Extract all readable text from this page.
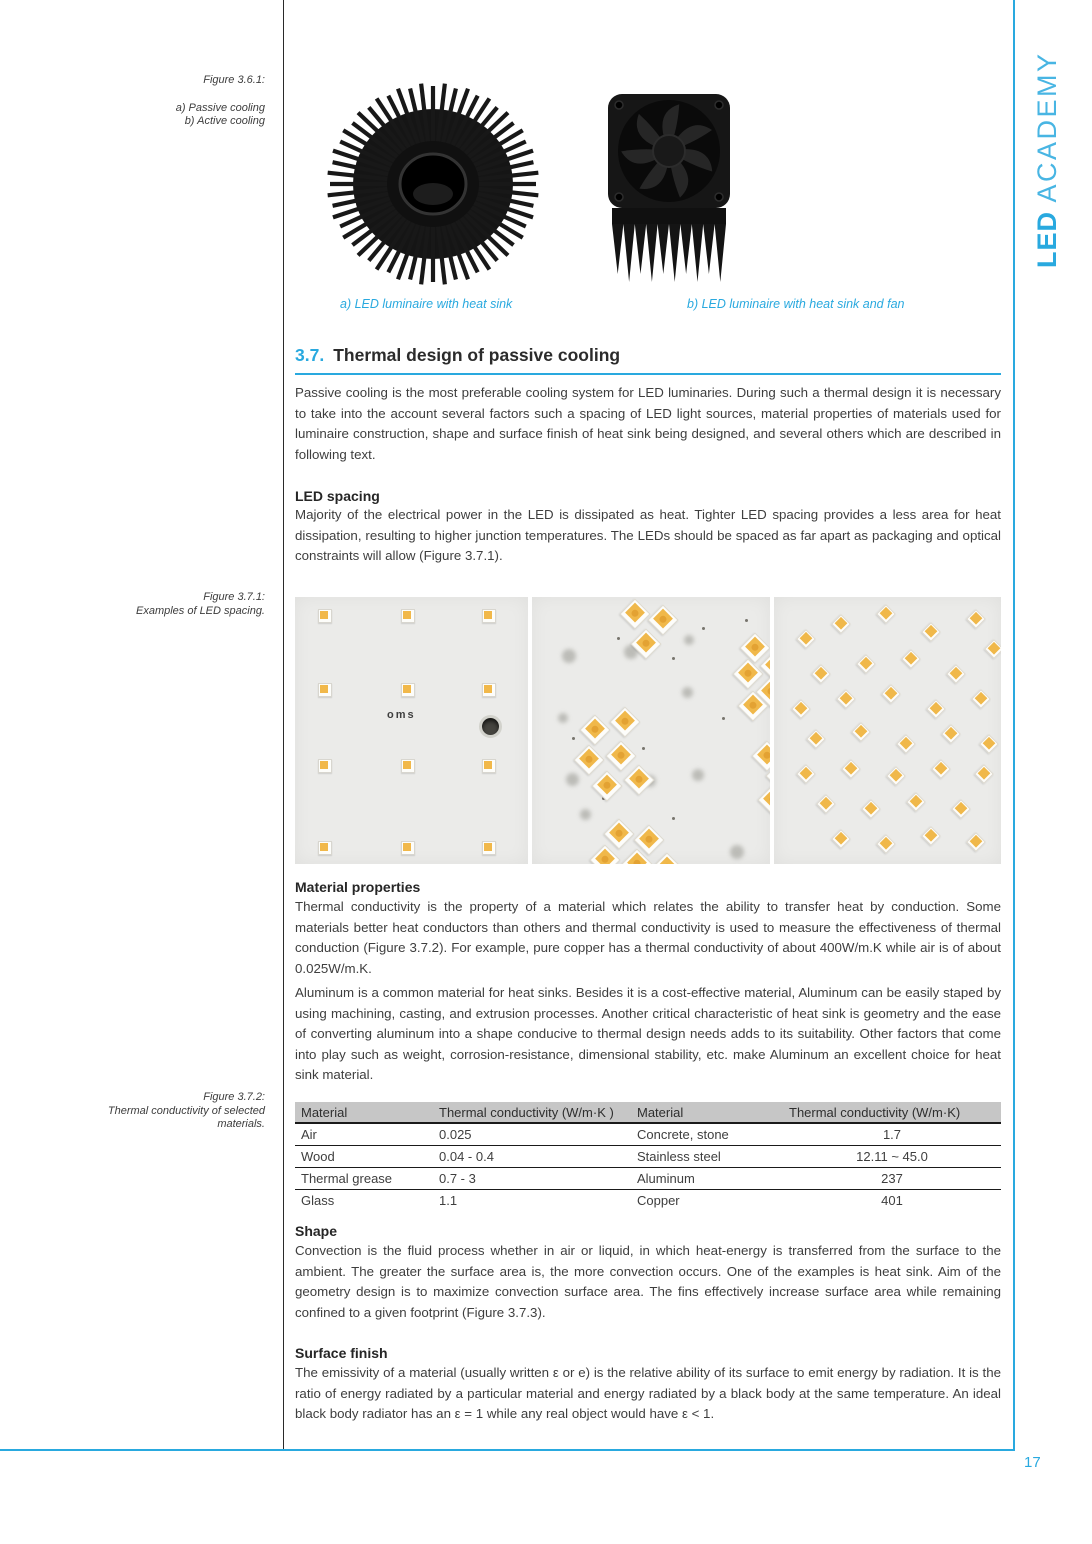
LED ACADEMY
17
Figure 3.6.1:
a) Passive cooling
b) Active cooling
a) LED luminaire with heat sink	b) LED luminaire with heat sink and fan
3.7. Thermal design of passive cooling

Passive cooling is the most preferable cooling system for LED luminaries. During such a thermal design it is necessary to take into the account several factors such a spacing of LED light sources, material properties of materials used for luminaire construction, shape and surface finish of heat sink being designed, and several others which are described in following text.

LED spacing

Majority of the electrical power in the LED is dissipated as heat. Tighter LED spacing provides a less area for heat dissipation, resulting to higher junction temperatures. The LEDs should be spaced as far apart as packaging and optical constraints will allow (Figure 3.7.1).

Figure 3.7.1:
Examples of LED spacing.
oms
Material properties

Thermal conductivity is the property of a material which relates the ability to transfer heat by conduction. Some materials better heat conductors than others and thermal conductivity is used to measure the effectiveness of thermal conduction (Figure 3.7.2). For example, pure copper has a thermal conductivity of about 400W/m.K while air is of about 0.025W/m.K.

Aluminum is a common material for heat sinks. Besides it is a cost-effective material, Aluminum can be easily staped by using machining, casting, and extrusion processes. Another critical characteristic of heat sink is geometry and the ease of converting aluminum into a shape conducive to thermal design needs adds to its suitability. Other factors that come into play such as weight, corrosion-resistance, dimensional stability, etc. make Aluminum an excellent choice for heat sink material.

Figure 3.7.2:
Thermal conductivity of selected
materials.
Material	Thermal conductivity (W/m·K )	Material	Thermal conductivity (W/m·K)
Air	0.025	Concrete, stone	1.7
Wood	0.04 - 0.4	Stainless steel	12.11 ~ 45.0
Thermal grease	0.7 - 3	Aluminum	237
Glass	1.1	Copper	401
Shape

Convection is the fluid process whether in air or liquid, in which heat-energy is transferred from the surface to the ambient. The greater the surface area is, the more convection occurs. One of the examples is heat sink. Aim of the geometry design is to maximize convection surface area. The fins effectively increase surface area while remaining confined to a given footprint (Figure 3.7.3).

Surface finish

The emissivity of a material (usually written ε or e) is the relative ability of its surface to emit energy by radiation. It is the ratio of energy radiated by a particular material and energy radiated by a black body at the same temperature. An ideal black body radiator has an ε = 1 while any real object would have ε < 1.
